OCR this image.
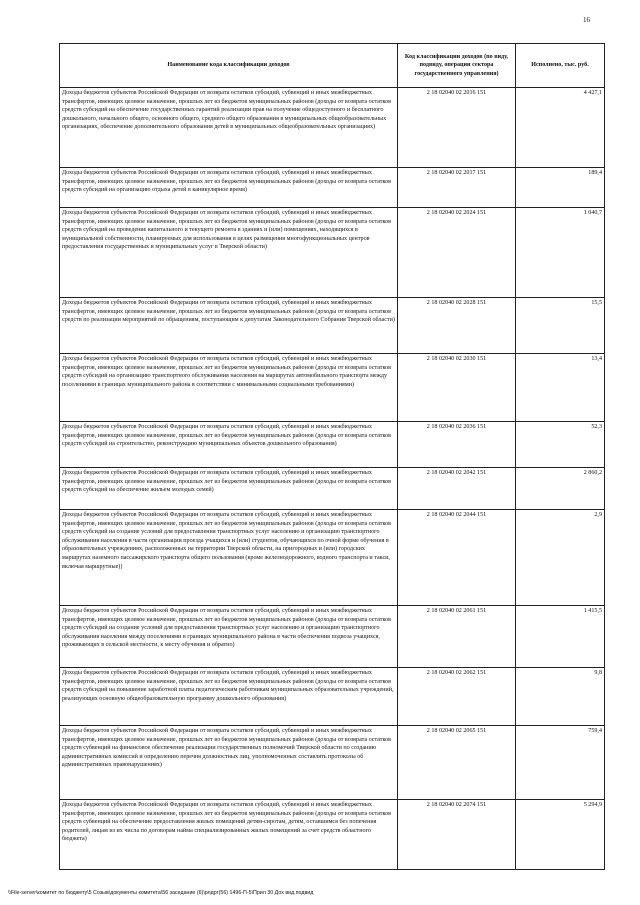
16
Наименование кода классификации доходов	Код классификации доходов (по виду, подвиду, операции сектора государственного управления)	Исполнено, тыс. руб.
Доходы бюджетов субъектов Российской Федерации от возврата остатков субсидий, субвенций и иных межбюджетных трансфертов, имеющих целевое назначение, прошлых лет из бюджетов муниципальных районов (доходы от возврата остатков средств субсидий на обеспечение государственных гарантий реализации прав на получение общедоступного и бесплатного дошкольного, начального общего, основного общего, среднего общего образования в муниципальных общеобразовательных организациях, обеспечение дополнительного образования детей в муниципальных общеобразовательных организациях)	2 18 02040 02 2016 151	4 427,1
Доходы бюджетов субъектов Российской Федерации от возврата остатков субсидий, субвенций и иных межбюджетных трансфертов, имеющих целевое назначение, прошлых лет из бюджетов муниципальных районов (доходы от возврата остатков средств субсидий на организацию отдыха детей в каникулярное время)	2 18 02040 02 2017 151	189,4
Доходы бюджетов субъектов Российской Федерации от возврата остатков субсидий, субвенций и иных межбюджетных трансфертов, имеющих целевое назначение, прошлых лет из бюджетов муниципальных районов (доходы от возврата остатков средств субсидий на проведение капитального и текущего ремонта в зданиях и (или) помещениях, находящихся в муниципальной собственности, планируемых для использования в целях размещения многофункциональных центров предоставления государственных и муниципальных услуг в Тверской области)	2 18 02040 02 2024 151	1 040,7
Доходы бюджетов субъектов Российской Федерации от возврата остатков субсидий, субвенций и иных межбюджетных трансфертов, имеющих целевое назначение, прошлых лет из бюджетов муниципальных районов (доходы от возврата остатков средств по реализации мероприятий по обращениям, поступающим к депутатам Законодательного Собрания Тверской области)	2 18 02040 02 2028 151	15,5
Доходы бюджетов субъектов Российской Федерации от возврата остатков субсидий, субвенций и иных межбюджетных трансфертов, имеющих целевое назначение, прошлых лет из бюджетов муниципальных районов (доходы от возврата остатков средств субсидий на организацию транспортного обслуживания населения на маршрутах автомобильного транспорта между поселениями в границах муниципального района в соответствии с минимальными социальными требованиями)	2 18 02040 02 2030 151	13,4
Доходы бюджетов субъектов Российской Федерации от возврата остатков субсидий, субвенций и иных межбюджетных трансфертов, имеющих целевое назначение, прошлых лет из бюджетов муниципальных районов (доходы от возврата остатков средств субсидий на строительство, реконструкцию муниципальных объектов дошкольного образования)	2 18 02040 02 2036 151	52,3
Доходы бюджетов субъектов Российской Федерации от возврата остатков субсидий, субвенций и иных межбюджетных трансфертов, имеющих целевое назначение, прошлых лет из бюджетов муниципальных районов (доходы от возврата остатков средств субсидий на обеспечение жильем молодых семей)	2 18 02040 02 2042 151	2 860,2
Доходы бюджетов субъектов Российской Федерации от возврата остатков субсидий, субвенций и иных межбюджетных трансфертов, имеющих целевое назначение, прошлых лет из бюджетов муниципальных районов (доходы от возврата остатков средств субсидий на создание условий для предоставления транспортных услуг населению и организацию транспортного обслуживания населения в части организации проезда учащихся и (или) студентов, обучающихся по очной форме обучения в образовательных учреждениях, расположенных на территории Тверской области, на пригородных и (или) городских маршрутах наземного пассажирского транспорта общего пользования (кроме железнодорожного, водного транспорта и такси, включая маршрутные))	2 18 02040 02 2044 151	2,9
Доходы бюджетов субъектов Российской Федерации от возврата остатков субсидий, субвенций и иных межбюджетных трансфертов, имеющих целевое назначение, прошлых лет из бюджетов муниципальных районов (доходы от возврата остатков средств субсидий на создание условий для предоставления транспортных услуг населению и организацию транспортного обслуживания населения между поселениями в границах муниципального района в части обеспечения подвоза учащихся, проживающих в сельской местности, к месту обучения и обратно)	2 18 02040 02 2061 151	1 415,5
Доходы бюджетов субъектов Российской Федерации от возврата остатков субсидий, субвенций и иных межбюджетных трансфертов, имеющих целевое назначение, прошлых лет из бюджетов муниципальных районов (доходы от возврата остатков средств субсидий на повышение заработной платы педагогическим работникам муниципальных образовательных учреждений, реализующих основную общеобразовательную программу дошкольного образования)	2 18 02040 02 2062 151	9,8
Доходы бюджетов субъектов Российской Федерации от возврата остатков субсидий, субвенций и иных межбюджетных трансфертов, имеющих целевое назначение, прошлых лет из бюджетов муниципальных районов (доходы от возврата остатков средств субвенций на финансовое обеспечение реализации государственных полномочий Тверской области по созданию административных комиссий и определению перечня должностных лиц, уполномоченных составлять протоколы об административных правонарушениях)	2 18 02040 02 2065 151	759,4
Доходы бюджетов субъектов Российской Федерации от возврата остатков субсидий, субвенций и иных межбюджетных трансфертов, имеющих целевое назначение, прошлых лет из бюджетов муниципальных районов (доходы от возврата остатков средств субвенций на обеспечение предоставления жилых помещений детям-сиротам, детям, оставшимся без попечения родителей, лицам из их числа по договорам найма специализированных жилых помещений за счет средств областного бюджета)	2 18 02040 02 2074 151	5 294,9
\\File-server\комитет по бюджету\5 Созыв\документы комитета\56 заседание (6)\рлдрг(56) 1496-П-5\Прил 30 Дох вид.подвид
